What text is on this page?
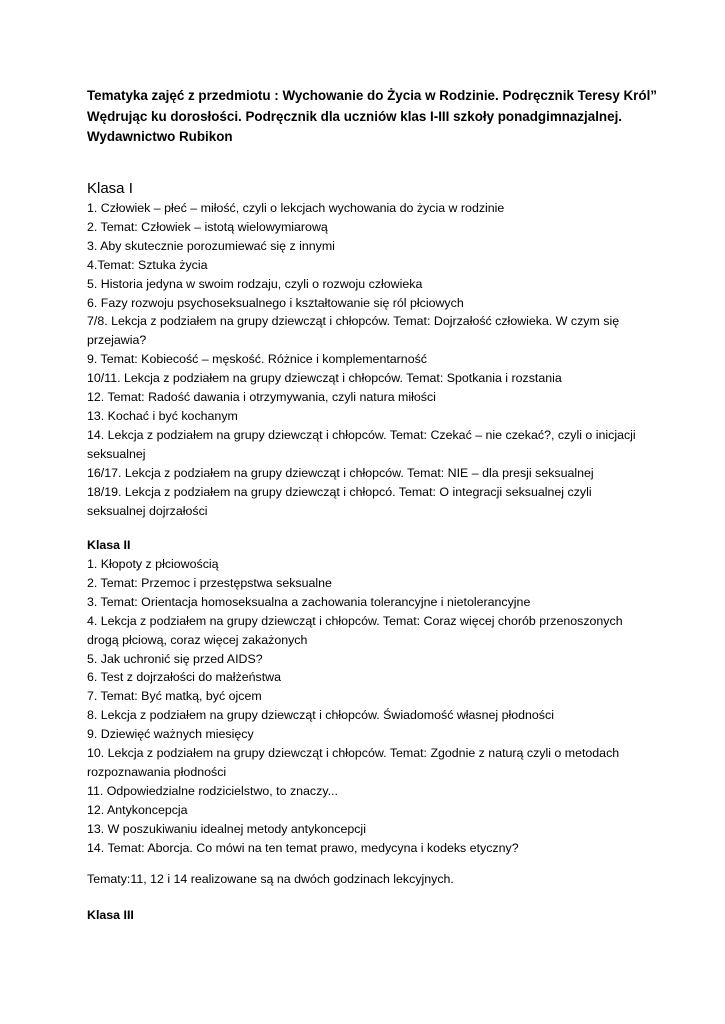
Tematyka zajęć z przedmiotu : Wychowanie do Życia w Rodzinie. Podręcznik Teresy Król”
Wędrując ku dorosłości. Podręcznik dla uczniów klas I-III szkoły ponadgimnazjalnej.
Wydawnictwo Rubikon
Klasa I
1. Człowiek – płeć – miłość, czyli o lekcjach wychowania do życia w rodzinie
2. Temat: Człowiek – istotą wielowymiarową
3. Aby skutecznie porozumiewać się z innymi
4.Temat: Sztuka życia
5. Historia jedyna w swoim rodzaju, czyli o rozwoju człowieka
6. Fazy rozwoju psychoseksualnego i kształtowanie się ról płciowych
7/8. Lekcja z podziałem na grupy dziewcząt i chłopców. Temat: Dojrzałość człowieka. W czym się
przejawia?
9. Temat: Kobiecość – męskość. Różnice i komplementarność
10/11. Lekcja z podziałem na grupy dziewcząt i chłopców. Temat: Spotkania i rozstania
12. Temat: Radość dawania i otrzymywania, czyli natura miłości
13. Kochać i być kochanym
14. Lekcja z podziałem na grupy dziewcząt i chłopców. Temat: Czekać – nie czekać?, czyli o inicjacji
seksualnej
16/17. Lekcja z podziałem na grupy dziewcząt i chłopców. Temat: NIE – dla presji seksualnej
18/19. Lekcja z podziałem na grupy dziewcząt i chłopcó. Temat: O integracji seksualnej czyli
seksualnej dojrzałości
Klasa II
1. Kłopoty z płciowością
2. Temat: Przemoc i przestępstwa seksualne
3. Temat: Orientacja homoseksualna a zachowania tolerancyjne i nietolerancyjne
4. Lekcja z podziałem na grupy dziewcząt i chłopców. Temat: Coraz więcej chorób przenoszonych
drogą płciową, coraz więcej zakażonych
5. Jak uchronić się przed AIDS?
6. Test z dojrzałości do małżeństwa
7. Temat: Być matką, być ojcem
8. Lekcja z podziałem na grupy dziewcząt i chłopców. Świadomość własnej płodności
9. Dziewięć ważnych miesięcy
10. Lekcja z podziałem na grupy dziewcząt i chłopców. Temat: Zgodnie z naturą czyli o metodach
rozpoznawania płodności
11. Odpowiedzialne rodzicielstwo, to znaczy...
12. Antykoncepcja
13. W poszukiwaniu idealnej metody antykoncepcji
14. Temat: Aborcja. Co mówi na ten temat prawo, medycyna i kodeks etyczny?
Tematy:11, 12 i 14 realizowane są na dwóch godzinach lekcyjnych.
Klasa III
